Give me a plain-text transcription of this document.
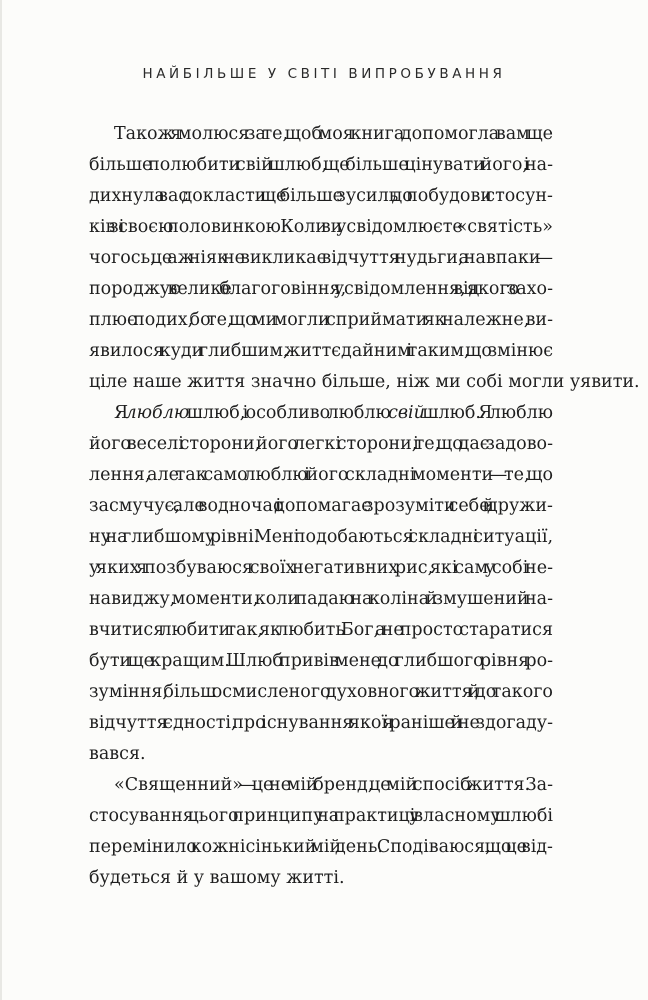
НАЙБІЛЬШЕ У СВІТІ ВИПРОБУВАННЯ
Також я молюся за те, щоб моя книга допомогла вам ще
більше полюбити свій шлюб, ще більше цінувати його, і на-
дихнула вас докласти ще більше зусиль до побудови стосун-
ків зі своєю половинкою. Коли ви усвідомлюєте «святість»
чогось, це аж ніяк не викликає відчуття нудьги, а навпаки —
породжує велике благоговіння, усвідомлення, від якого захо-
плює подих, бо те, що ми могли сприймати як належне, ви-
явилося куди глибшим, життєдайним і таким, що змінює
ціле наше життя значно більше, ніж ми собі могли уявити.
Я люблю шлюб, і особливо люблю свій шлюб. Я люблю
його веселі сторони, його легкі сторони, і те, що дає задово-
лення, але так само люблю і його складні моменти — те, що
засмучує, але водночас і допомагає зрозуміти себе й дружи-
ну на глибшому рівні. Мені подобаються і складні ситуації,
у яких я позбуваюся своїх негативних рис, які сам у собі не-
навиджу, моменти, коли падаю на коліна й змушений на-
вчитися любити так, як любить Бог, а не просто старатися
бути ще кращим. Шлюб привів мене до глибшого рівня ро-
зуміння, більш осмисленого духовного життя й до такого
відчуття єдності, про існування якої я раніше й не здогаду-
вався.
«Священний» — це не мій бренд, це мій спосіб життя. За-
стосування цього принципу на практиці у власному шлюбі
перемінило кожнісінький мій день. Сподіваюся, що це від-
будеться й у вашому житті.
